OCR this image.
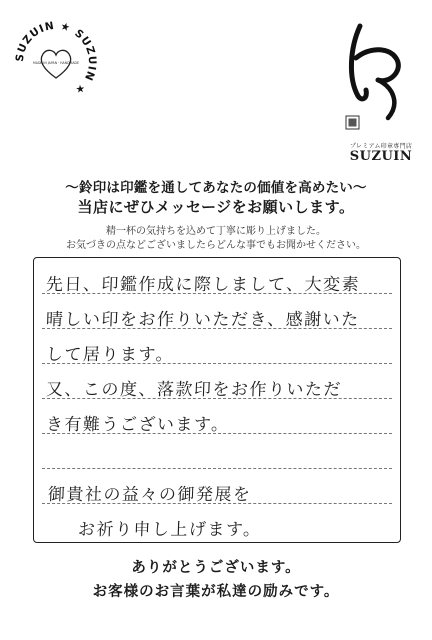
SUZUIN ★ SUZUIN ★
MADE IN JAPAN · HANDMADE
プレミアム印章専門店
SUZUIN
～鈴印は印鑑を通してあなたの価値を高めたい～
当店にぜひメッセージをお願いします。
精一杯の気持ちを込めて丁寧に彫り上げました。
お気づきの点などございましたらどんな事でもお聞かせください。
先日、印鑑作成に際しまして、大変素
晴しい印をお作りいただき、感謝いた
して居ります。
又、この度、落款印をお作りいただ
き有難うございます。
御貴社の益々の御発展を
お祈り申し上げます。
ありがとうございます。
お客様のお言葉が私達の励みです。
